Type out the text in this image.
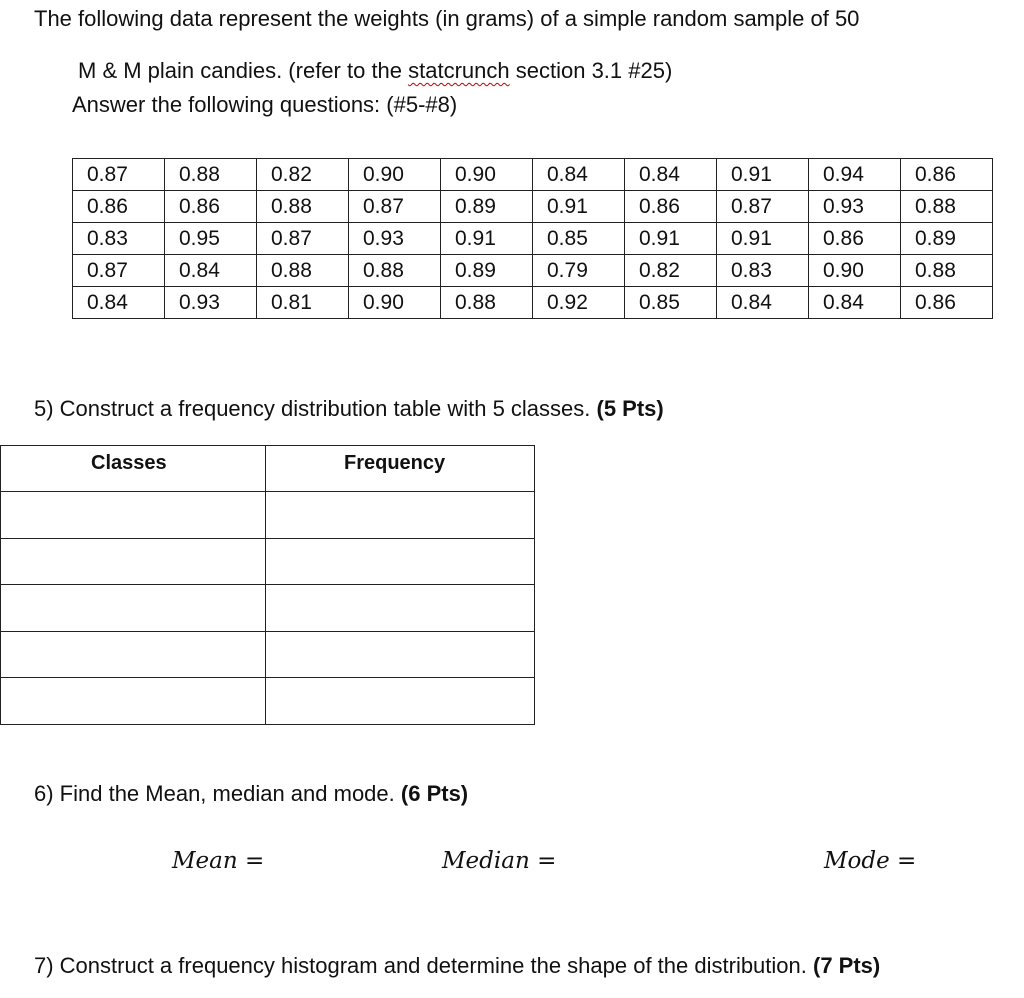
The following data represent the weights (in grams) of a simple random sample of 50
M & M plain candies. (refer to the statcrunch section 3.1 #25)
Answer the following questions: (#5-#8)
0.87	0.88	0.82	0.90	0.90	0.84	0.84	0.91	0.94	0.86
0.86	0.86	0.88	0.87	0.89	0.91	0.86	0.87	0.93	0.88
0.83	0.95	0.87	0.93	0.91	0.85	0.91	0.91	0.86	0.89
0.87	0.84	0.88	0.88	0.89	0.79	0.82	0.83	0.90	0.88
0.84	0.93	0.81	0.90	0.88	0.92	0.85	0.84	0.84	0.86
5) Construct a frequency distribution table with 5 classes. (5 Pts)
Classes	Frequency

6) Find the Mean, median and mode. (6 Pts)
Mean =	Median =	Mode =
7) Construct a frequency histogram and determine the shape of the distribution. (7 Pts)
